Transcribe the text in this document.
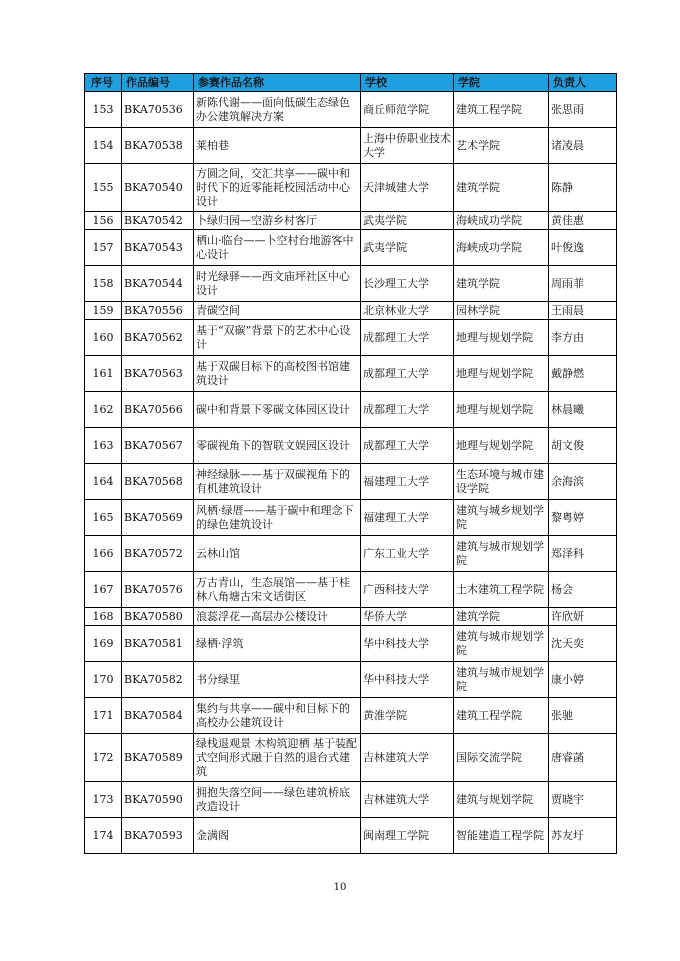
序号	作品编号	参赛作品名称	学校	学院	负责人
153	BKA70536	新陈代谢——面向低碳生态绿色办公建筑解决方案	商丘师范学院	建筑工程学院	张思雨
154	BKA70538	莱柏巷	上海中侨职业技术大学	艺术学院	诸凌晨
155	BKA70540	方圆之间，交汇共享——碳中和时代下的近零能耗校园活动中心设计	天津城建大学	建筑学院	陈静
156	BKA70542	卜绿归园—空游乡村客厅	武夷学院	海峡成功学院	黄佳惠
157	BKA70543	栖山·临台——卜空村台地游客中心设计	武夷学院	海峡成功学院	叶俊逸
158	BKA70544	时光绿驿——西文庙坪社区中心设计	长沙理工大学	建筑学院	周雨菲
159	BKA70556	青碳空间	北京林业大学	园林学院	王雨晨
160	BKA70562	基于“双碳”背景下的艺术中心设计	成都理工大学	地理与规划学院	李方由
161	BKA70563	基于双碳目标下的高校图书馆建筑设计	成都理工大学	地理与规划学院	戴静燃
162	BKA70566	碳中和背景下零碳文体园区设计	成都理工大学	地理与规划学院	林晨曦
163	BKA70567	零碳视角下的智联文娱园区设计	成都理工大学	地理与规划学院	胡文俊
164	BKA70568	神经绿脉——基于双碳视角下的有机建筑设计	福建理工大学	生态环境与城市建设学院	余海滨
165	BKA70569	风栖·绿厝——基于碳中和理念下的绿色建筑设计	福建理工大学	建筑与城乡规划学院	黎粤婷
166	BKA70572	云林山馆	广东工业大学	建筑与城市规划学院	郑泽科
167	BKA70576	万古青山，生态展馆——基于桂林八角塘古宋文话街区	广西科技大学	土木建筑工程学院	杨会
168	BKA70580	浪蕊浮花—高层办公楼设计	华侨大学	建筑学院	许欣妍
169	BKA70581	绿栖·浮筑	华中科技大学	建筑与城市规划学院	沈天奕
170	BKA70582	书分绿里	华中科技大学	建筑与城市规划学院	康小婷
171	BKA70584	集约与共享——碳中和目标下的高校办公建筑设计	黄淮学院	建筑工程学院	张驰
172	BKA70589	绿栈退观景 木构筑迎栖 基于装配式空间形式融于自然的退台式建筑	吉林建筑大学	国际交流学院	唐睿菡
173	BKA70590	拥抱失落空间——绿色建筑桥底改造设计	吉林建筑大学	建筑与规划学院	贾晓宇
174	BKA70593	金满阁	闽南理工学院	智能建造工程学院	苏友圩
10
